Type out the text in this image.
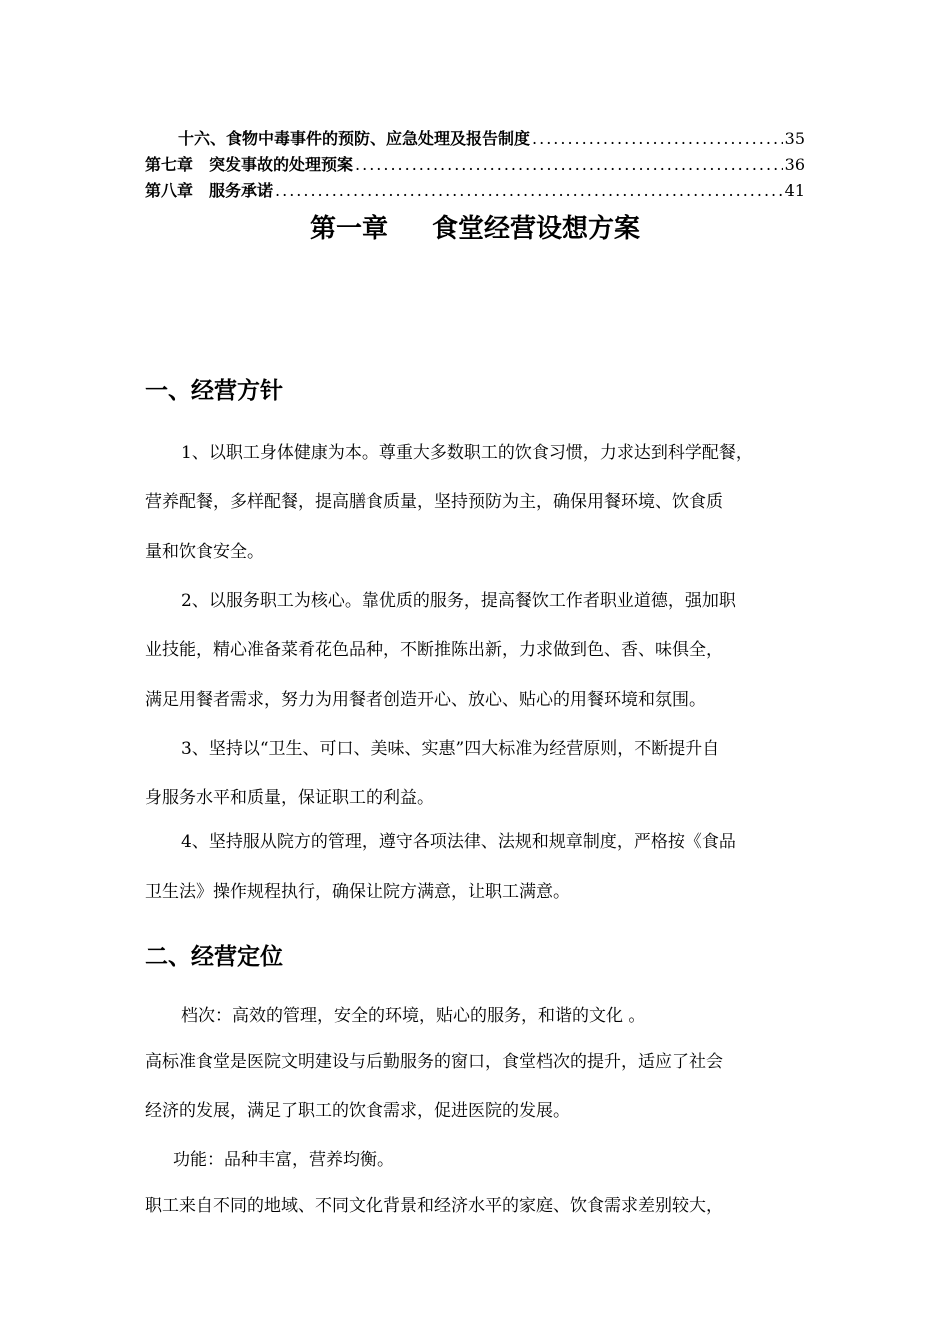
十六、食物中毒事件的预防、应急处理及报告制度 .....	35
第七章　突发事故的处理预案 .....	36
第八章　服务承诺 .....	41
第一章 食堂经营设想方案
一、经营方针
1、以职工身体健康为本。尊重大多数职工的饮食习惯，力求达到科学配餐，
营养配餐，多样配餐，提高膳食质量，坚持预防为主，确保用餐环境、饮食质
量和饮食安全。
2、以服务职工为核心。靠优质的服务，提高餐饮工作者职业道德，强加职
业技能，精心准备菜肴花色品种，不断推陈出新，力求做到色、香、味俱全，
满足用餐者需求，努力为用餐者创造开心、放心、贴心的用餐环境和氛围。
3、坚持以“卫生、可口、美味、实惠”四大标准为经营原则，不断提升自
身服务水平和质量，保证职工的利益。
4、坚持服从院方的管理，遵守各项法律、法规和规章制度，严格按《食品
卫生法》操作规程执行，确保让院方满意，让职工满意。
二、经营定位
档次：高效的管理，安全的环境，贴心的服务，和谐的文化 。
高标准食堂是医院文明建设与后勤服务的窗口，食堂档次的提升，适应了社会
经济的发展，满足了职工的饮食需求，促进医院的发展。
功能：品种丰富，营养均衡。
职工来自不同的地域、不同文化背景和经济水平的家庭、饮食需求差别较大，
